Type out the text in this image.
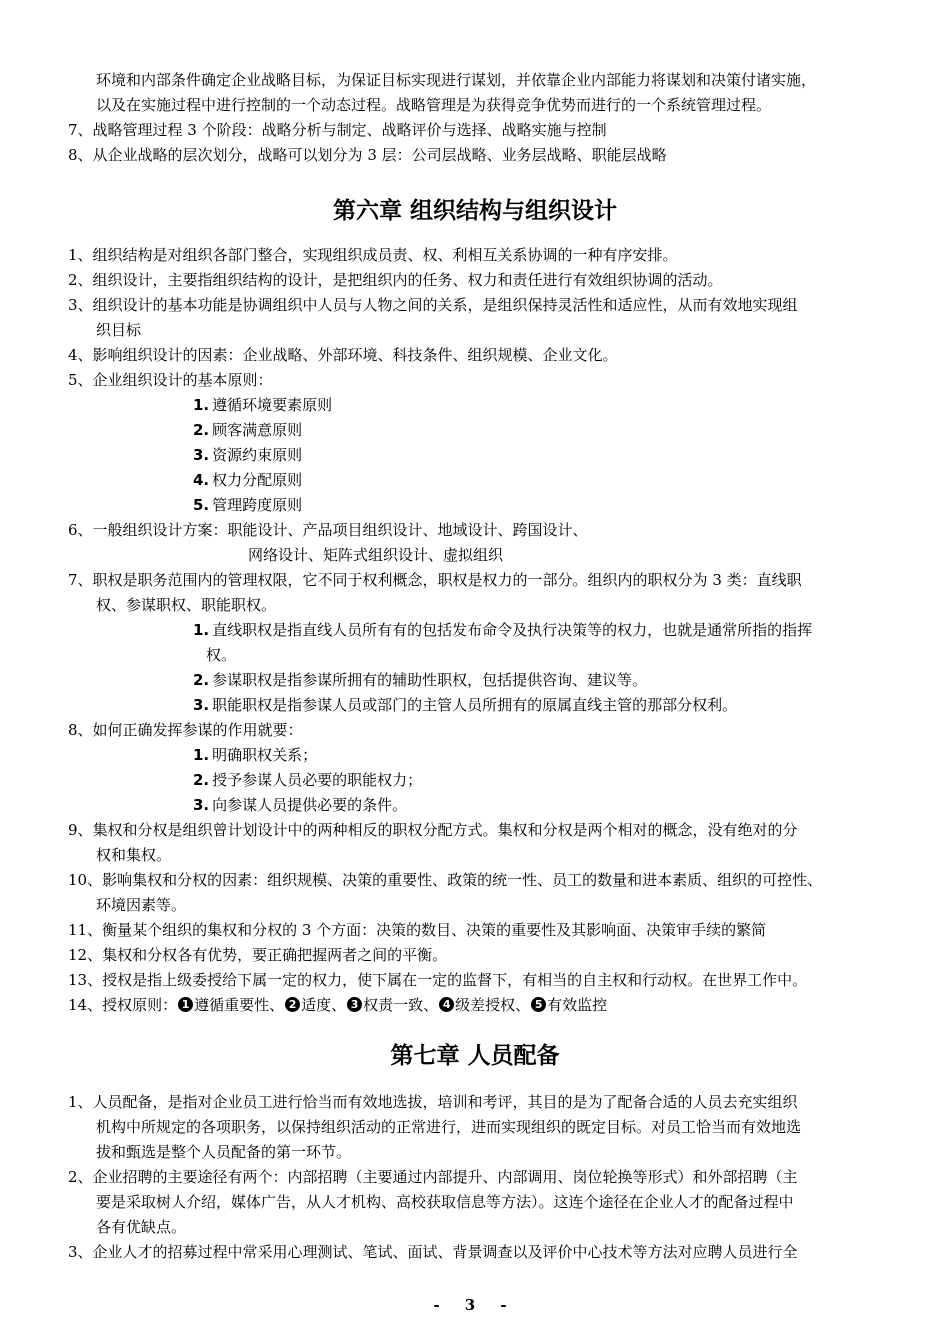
环境和内部条件确定企业战略目标，为保证目标实现进行谋划，并依靠企业内部能力将谋划和决策付诸实施，

以及在实施过程中进行控制的一个动态过程。战略管理是为获得竞争优势而进行的一个系统管理过程。

7、战略管理过程 3 个阶段：战略分析与制定、战略评价与选择、战略实施与控制

8、从企业战略的层次划分，战略可以划分为 3 层：公司层战略、业务层战略、职能层战略

第六章 组织结构与组织设计

1、组织结构是对组织各部门整合，实现组织成员责、权、利相互关系协调的一种有序安排。

2、组织设计，主要指组织结构的设计，是把组织内的任务、权力和责任进行有效组织协调的活动。

3、组织设计的基本功能是协调组织中人员与人物之间的关系，是组织保持灵活性和适应性，从而有效地实现组

织目标

4、影响组织设计的因素：企业战略、外部环境、科技条件、组织规模、企业文化。

5、企业组织设计的基本原则：

1. 遵循环境要素原则

2. 顾客满意原则

3. 资源约束原则

4. 权力分配原则

5. 管理跨度原则

6、一般组织设计方案：职能设计、产品项目组织设计、地域设计、跨国设计、

网络设计、矩阵式组织设计、虚拟组织

7、职权是职务范围内的管理权限，它不同于权利概念，职权是权力的一部分。组织内的职权分为 3 类：直线职

权、参谋职权、职能职权。

1. 直线职权是指直线人员所有有的包括发布命令及执行决策等的权力，也就是通常所指的指挥

权。

2. 参谋职权是指参谋所拥有的辅助性职权，包括提供咨询、建议等。

3. 职能职权是指参谋人员或部门的主管人员所拥有的原属直线主管的那部分权利。

8、如何正确发挥参谋的作用就要：

1. 明确职权关系；

2. 授予参谋人员必要的职能权力；

3. 向参谋人员提供必要的条件。

9、集权和分权是组织曾计划设计中的两种相反的职权分配方式。集权和分权是两个相对的概念，没有绝对的分

权和集权。

10、影响集权和分权的因素：组织规模、决策的重要性、政策的统一性、员工的数量和进本素质、组织的可控性、

环境因素等。

11、衡量某个组织的集权和分权的 3 个方面：决策的数目、决策的重要性及其影响面、决策审手续的繁简

12、集权和分权各有优势，要正确把握两者之间的平衡。

13、授权是指上级委授给下属一定的权力，使下属在一定的监督下，有相当的自主权和行动权。在世界工作中。

14、授权原则： 1 遵循重要性、 2 适度、 3 权责一致、 4 级差授权、 5 有效监控

第七章 人员配备

1、人员配备，是指对企业员工进行恰当而有效地选拔，培训和考评，其目的是为了配备合适的人员去充实组织

机构中所规定的各项职务，以保持组织活动的正常进行，进而实现组织的既定目标。对员工恰当而有效地选

拔和甄选是整个人员配备的第一环节。

2、企业招聘的主要途径有两个：内部招聘（主要通过内部提升、内部调用、岗位轮换等形式）和外部招聘（主

要是采取树人介绍，媒体广告，从人才机构、高校获取信息等方法）。这连个途径在企业人才的配备过程中

各有优缺点。

3、企业人才的招募过程中常采用心理测试、笔试、面试、背景调查以及评价中心技术等方法对应聘人员进行全

- 3 -
